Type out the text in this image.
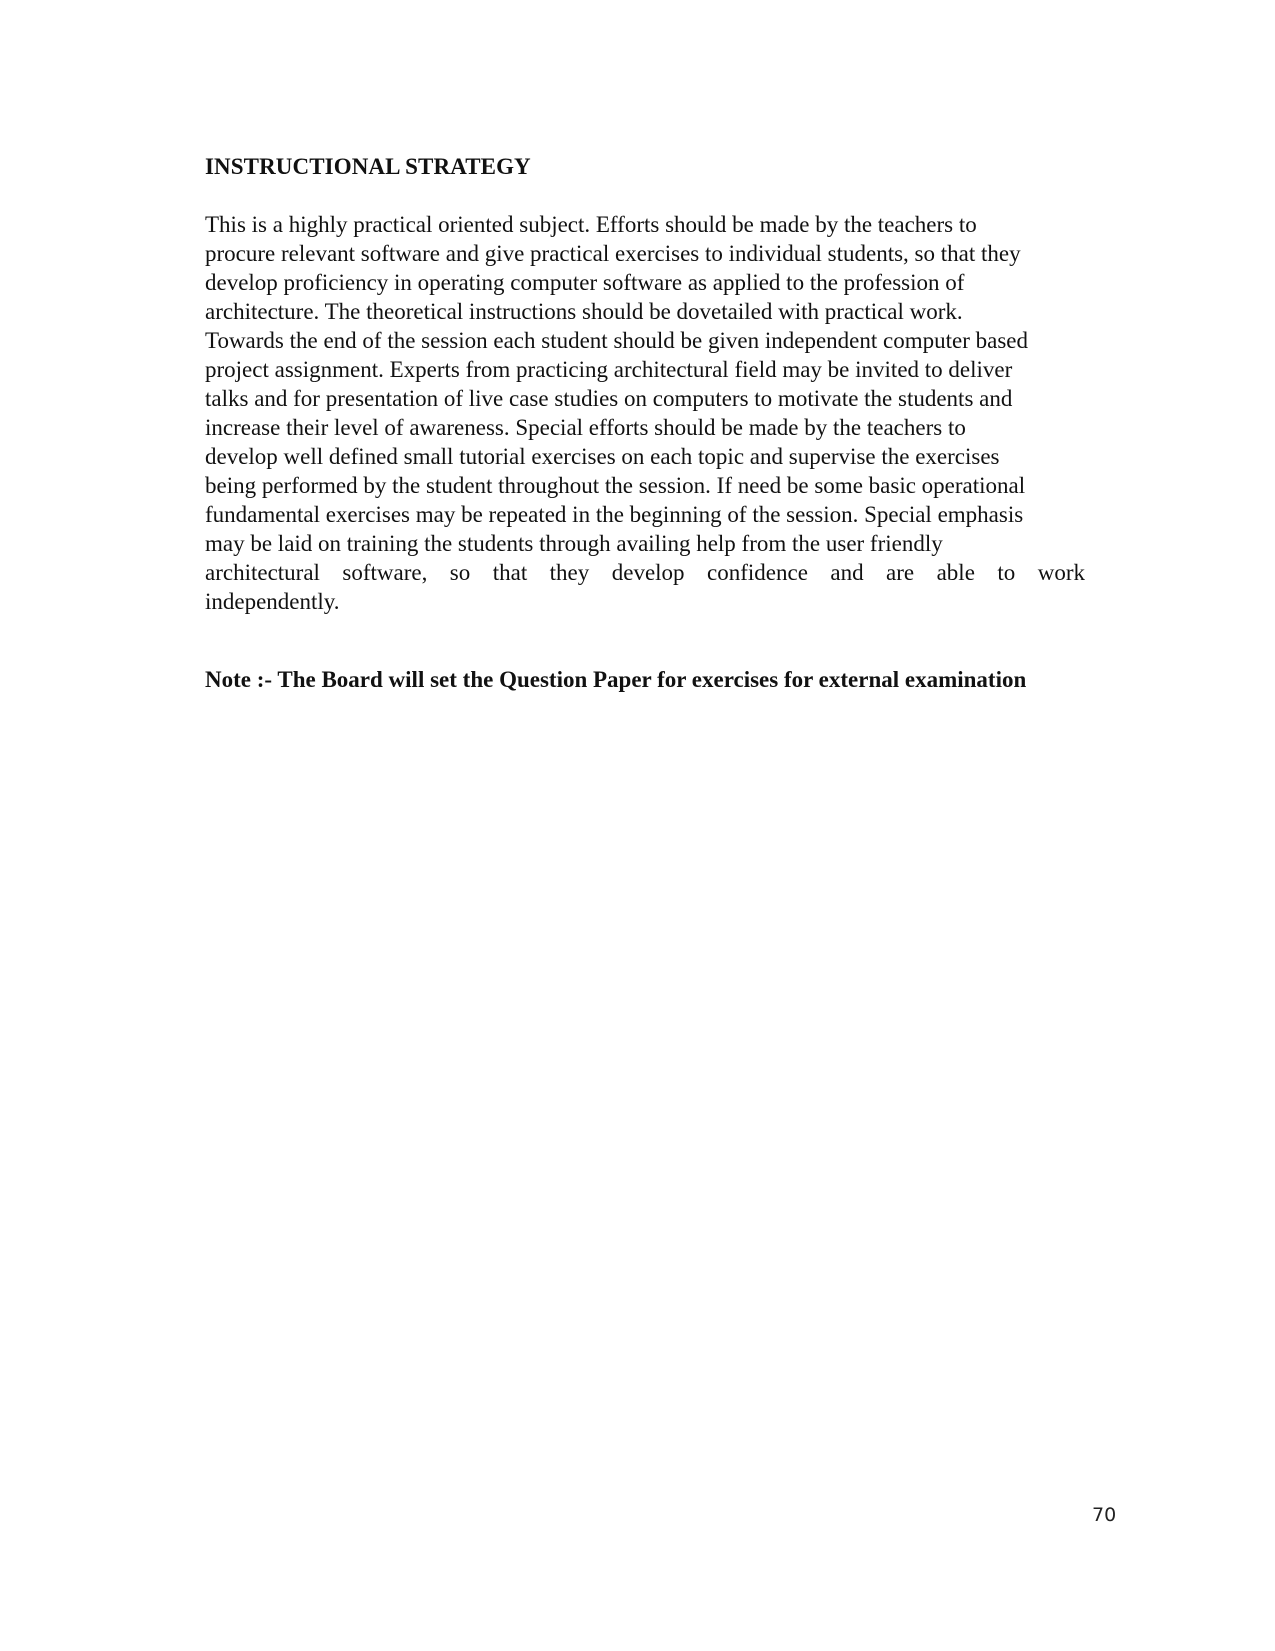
INSTRUCTIONAL STRATEGY
This is a highly practical oriented subject. Efforts should be made by the teachers to
procure relevant software and give practical exercises to individual students, so that they
develop proficiency in operating computer software as applied to the profession of
architecture. The theoretical instructions should be dovetailed with practical work.
Towards the end of the session each student should be given independent computer based
project assignment. Experts from practicing architectural field may be invited to deliver
talks and for presentation of live case studies on computers to motivate the students and
increase their level of awareness. Special efforts should be made by the teachers to
develop well defined small tutorial exercises on each topic and supervise the exercises
being performed by the student throughout the session. If need be some basic operational
fundamental exercises may be repeated in the beginning of the session. Special emphasis
may be laid on training the students through availing help from the user friendly
architectural software, so that they develop confidence and are able to work
independently.
Note :- The Board will set the Question Paper for exercises for external examination
70
